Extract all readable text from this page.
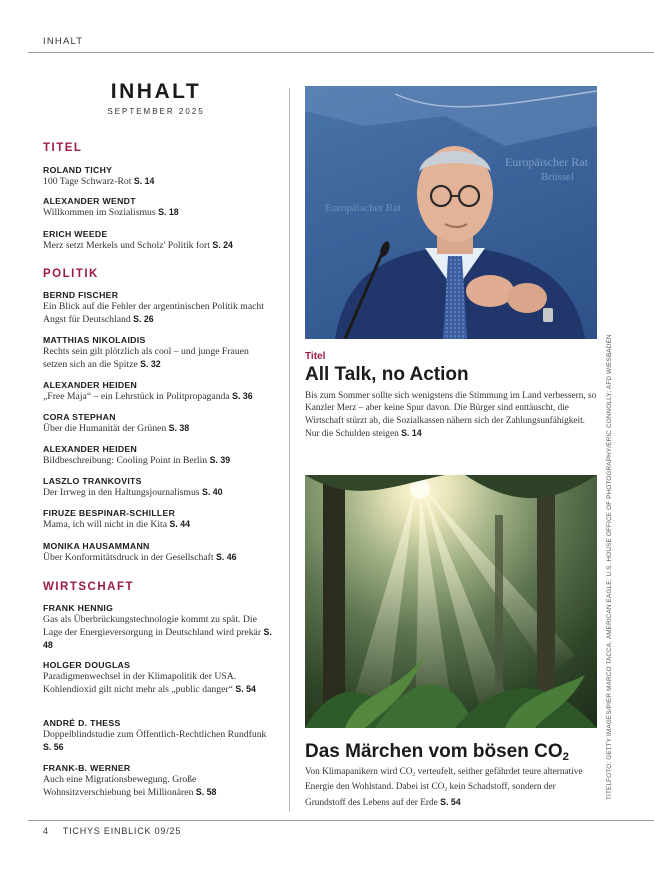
INHALT
INHALT
SEPTEMBER 2025
TITEL
ROLAND TICHY
100 Tage Schwarz-Rot S. 14
ALEXANDER WENDT
Willkommen im Sozialismus S. 18
ERICH WEEDE
Merz setzt Merkels und Scholz' Politik fort S. 24
POLITIK
BERND FISCHER
Ein Blick auf die Fehler der argentinischen Politik macht Angst für Deutschland S. 26
MATTHIAS NIKOLAIDIS
Rechts sein gilt plötzlich als cool – und junge Frauen setzen sich an die Spitze S. 32
ALEXANDER HEIDEN
„Free Maja“ – ein Lehrstück in Politpropaganda S. 36
CORA STEPHAN
Über die Humanität der Grünen S. 38
ALEXANDER HEIDEN
Bildbeschreibung: Cooling Point in Berlin S. 39
LASZLO TRANKOVITS
Der Irrweg in den Haltungsjournalismus S. 40
FIRUZE BESPINAR-SCHILLER
Mama, ich will nicht in die Kita S. 44
MONIKA HAUSAMMANN
Über Konformitätsdruck in der Gesellschaft S. 46
WIRTSCHAFT
FRANK HENNIG
Gas als Überbrückungstechnologie kommt zu spät. Die Lage der Energieversorgung in Deutschland wird prekär S. 48
HOLGER DOUGLAS
Paradigmenwechsel in der Klimapolitik der USA. Kohlendioxid gilt nicht mehr als „public danger“ S. 54
ANDRÉ D. THESS
Doppelblindstudie zum Öffentlich-Rechtlichen Rundfunk S. 56
FRANK-B. WERNER
Auch eine Migrationsbewegung. Große Wohnsitzverschiebung bei Millionären S. 58
Europäischer Rat
Brüssel
Europäischer Rat
Titel
All Talk, no Action
Bis zum Sommer sollte sich wenigstens die Stimmung im Land verbessern, so Kanzler Merz – aber keine Spur davon. Die Bürger sind enttäuscht, die Wirtschaft stürzt ab, die Sozialkassen nähern sich der Zahlungsunfähigkeit. Nur die Schulden steigen S. 14
Das Märchen vom bösen $CO_2$
Von Klimapanikern wird $CO_2$ verteufelt, seither gefährdet teure alternative Energie den Wohlstand. Dabei ist $CO_2$ kein Schadstoff, sondern der Grundstoff des Lebens auf der Erde S. 54
TITELFOTO: GETTY IMAGES/PIER MARCO TACCA, AMERICAN EAGLE; U.S. HOUSE OFFICE OF PHOTOGRAPHY/ERIC CONNOLLY; AFD WIESBADEN
4 TICHYS EINBLICK 09/25
